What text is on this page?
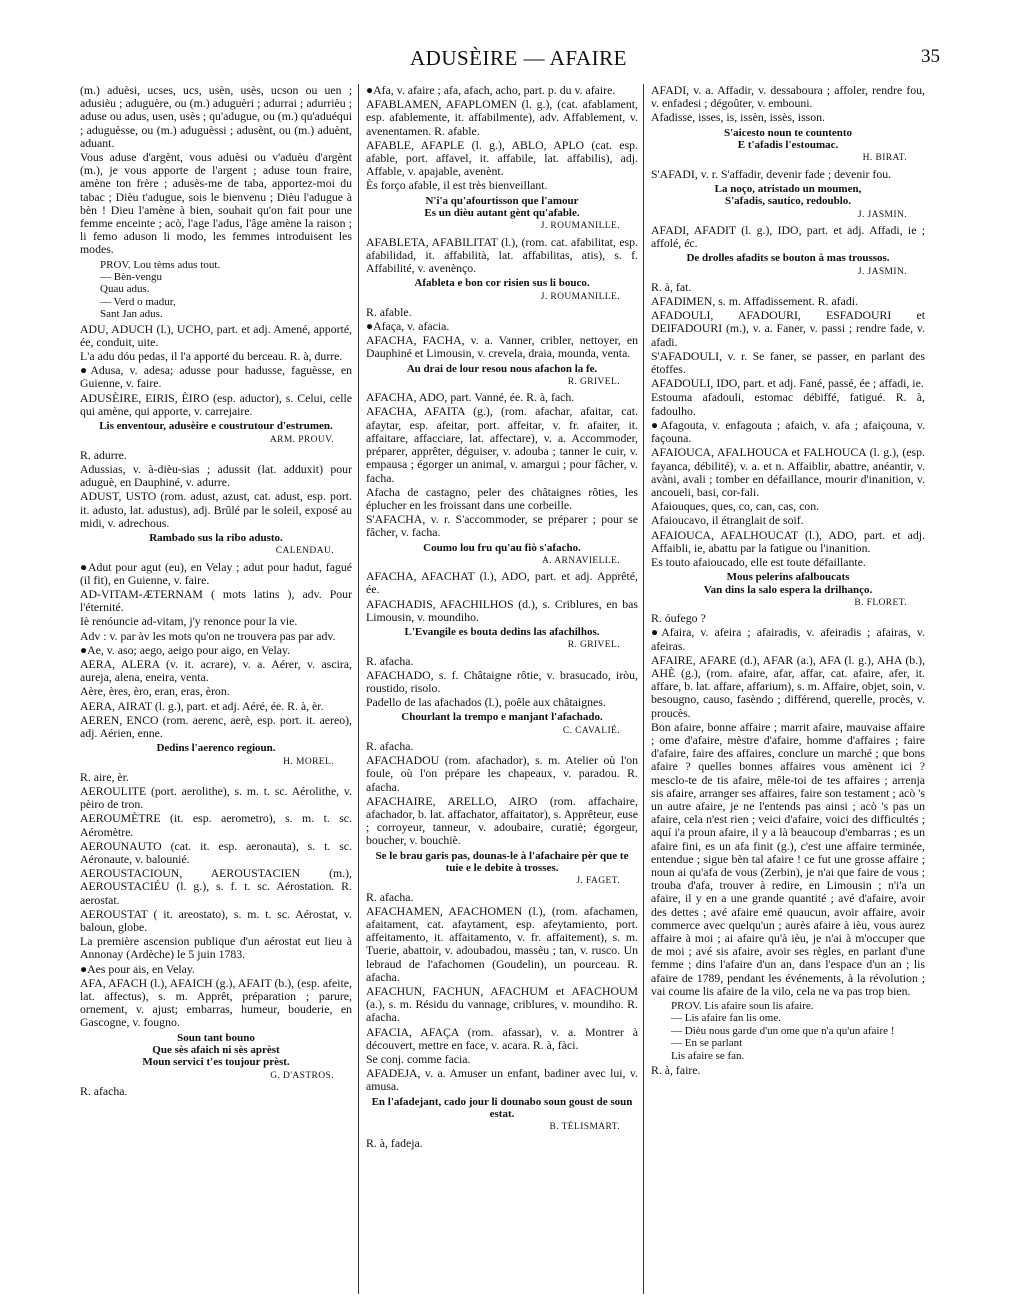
ADUSÈIRE — AFAIRE	35

(m.) aduèsi, ucses, ucs, usèn, usès, ucson ou uen ; adusièu ; aduguère, ou (m.) aduguèri ; adurrai ; adurrièu ; aduse ou adus, usen, usès ; qu'adugue, ou (m.) qu'aduéqui ; aduguèsse, ou (m.) aduguèssi ; adusènt, ou (m.) aduènt, aduant.

Vous aduse d'argènt, vous aduèsi ou v'aduèu d'argènt (m.), je vous apporte de l'argent ; aduse toun fraire, amène ton frère ; adusès-me de taba, apportez-moi du tabac ; Dièu t'adugue, sois le bienvenu ; Dièu l'adugue à bèn ! Dieu l'amène à bien, souhait qu'on fait pour une femme enceinte ; acò, l'age l'adus, l'âge amène la raison ; li femo aduson li modo, les femmes introduisent les modes.

PROV. Lou tèms adus tout.
— Bèn-vengu
Quau adus.
— Verd o madur,
Sant Jan adus.

ADU, ADUCH (l.), UCHO, part. et adj. Amené, apporté, ée, conduit, uite.

L'a adu dóu pedas, il l'a apporté du berceau. R. à, durre.

●Adusa, v. adesa; adusse pour hadusse, faguèsse, en Guienne, v. faire.

ADUSÈIRE, EIRIS, ÈIRO (esp. aductor), s. Celui, celle qui amène, qui apporte, v. carrejaire.

Lis enventour, adusèire e coustrutour d'estrumen.

ARM. PROUV.

R. adurre.

Adussias, v. à-dièu-sias ; adussit (lat. adduxit) pour aduguè, en Dauphiné, v. adurre.

ADUST, USTO (rom. adust, azust, cat. adust, esp. port. it. adusto, lat. adustus), adj. Brûlé par le soleil, exposé au midi, v. adrechous.

Rambado sus la ribo adusto.

CALENDAU.

●Adut pour agut (eu), en Velay ; adut pour hadut, fagué (il fit), en Guienne, v. faire.

AD-VITAM-ÆTERNAM ( mots latins ), adv. Pour l'éternité.

Iè renóuncie ad-vitam, j'y renonce pour la vie.

Adv : v. par àv les mots qu'on ne trouvera pas par adv.

●Ae, v. aso; aego, aeigo pour aigo, en Velay.

AERA, ALERA (v. it. acrare), v. a. Aérer, v. ascira, aureja, alena, eneira, venta.

Aère, ères, èro, eran, eras, èron.

AERA, AIRAT (l. g.), part. et adj. Aéré, ée. R. à, èr.

AEREN, ENCO (rom. aerenc, aerè, esp. port. it. aereo), adj. Aérien, enne.

Dedins l'aerenco regioun.

H. MOREL.

R. aire, èr.

AEROULITE (port. aerolithe), s. m. t. sc. Aérolithe, v. pèiro de tron.

AEROUMÈTRE (it. esp. aerometro), s. m. t. sc. Aéromètre.

AEROUNAUTO (cat. it. esp. aeronauta), s. t. sc. Aéronaute, v. balounié.

AEROUSTACIOUN, AEROUSTACIEN (m.), AEROUSTACIÉU (l. g.), s. f. t. sc. Aérostation. R. aerostat.

AEROUSTAT ( it. areostato), s. m. t. sc. Aérostat, v. baloun, globe.

La première ascension publique d'un aérostat eut lieu à Annonay (Ardèche) le 5 juin 1783.

●Aes pour ais, en Velay.

AFA, AFACH (l.), AFAICH (g.), AFAIT (b.), (esp. afeite, lat. affectus), s. m. Apprêt, préparation ; parure, ornement, v. ajust; embarras, humeur, bouderie, en Gascogne, v. fougno.

Soun tant bouno
Que sès afaich ni sès aprèst
Moun servici t'es toujour prèst.

G. D'ASTROS.

R. afacha.

●Afa, v. afaire ; afa, afach, acho, part. p. du v. afaire.

AFABLAMEN, AFAPLOMEN (l. g.), (cat. afablament, esp. afablemente, it. affabilmente), adv. Affablement, v. avenentamen. R. afable.

AFABLE, AFAPLE (l. g.), ABLO, APLO (cat. esp. afable, port. affavel, it. affabile, lat. affabilis), adj. Affable, v. apajable, avenènt.

Ès forço afable, il est très bienveillant.

N'i'a qu'afourtisson que l'amour
Es un dièu autant gènt qu'afable.

J. ROUMANILLE.

AFABLETA, AFABILITAT (l.), (rom. cat. afabilitat, esp. afabilidad, it. affabilità, lat. affabilitas, atis), s. f. Affabilité, v. avenènço.

Afableta e bon cor risien sus li bouco.

J. ROUMANILLE.

R. afable.

●Afaça, v. afacia.

AFACHA, FACHA, v. a. Vanner, cribler, nettoyer, en Dauphiné et Limousin, v. crevela, draia, mounda, venta.

Au drai de lour resou nous afachon la fe.

R. GRIVEL.

AFACHA, ADO, part. Vanné, ée. R. à, fach.

AFACHA, AFAITA (g.), (rom. afachar, afaitar, cat. afaytar, esp. afeitar, port. affeitar, v. fr. afaiter, it. affaitare, affacciare, lat. affectare), v. a. Accommoder, préparer, apprêter, déguiser, v. adouba ; tanner le cuir, v. empausa ; égorger un animal, v. amargui ; pour fâcher, v. facha.

Afacha de castagno, peler des châtaignes rôties, les éplucher en les froissant dans une corbeille.

S'AFACHA, v. r. S'accommoder, se préparer ; pour se fâcher, v. facha.

Coumo lou fru qu'au fiò s'afacho.

A. ARNAVIELLE.

AFACHA, AFACHAT (l.), ADO, part. et adj. Apprêté, ée.

AFACHADIS, AFACHILHOS (d.), s. Criblures, en bas Limousin, v. moundiho.

L'Evangile es bouta dedins las afachilhos.

R. GRIVEL.

R. afacha.

AFACHADO, s. f. Châtaigne rôtie, v. brasucado, iròu, roustido, risolo.

Padello de las afachados (l.), poêle aux châtaignes.

Chourlant la trempo e manjant l'afachado.

C. CAVALIÉ.

R. afacha.

AFACHADOU (rom. afachador), s. m. Atelier où l'on foule, où l'on prépare les chapeaux, v. paradou. R. afacha.

AFACHAIRE, ARELLO, AIRO (rom. affachaire, afachador, b. lat. affachator, affaitator), s. Apprêteur, euse ; corroyeur, tanneur, v. adoubaire, curatiè; égorgeur, boucher, v. bouchiè.

Se le brau garis pas, dounas-le à l'afachaire pèr que te tuie e le debite à trosses.

J. FAGET.

R. afacha.

AFACHAMEN, AFACHOMEN (l.), (rom. afachamen, afaitament, cat. afaytament, esp. afeytamiento, port. affeitamento, it. affaitamento, v. fr. affaitement), s. m. Tuerie, abattoir, v. adoubadou, massèu ; tan, v. rusco. Un lebraud de l'afachomen (Goudelin), un pourceau. R. afacha.

AFACHUN, FACHUN, AFACHUM et AFACHOUM (a.), s. m. Résidu du vannage, criblures, v. moundiho. R. afacha.

AFACIA, AFAÇA (rom. afassar), v. a. Montrer à découvert, mettre en face, v. acara. R. à, fàci.

Se conj. comme facia.

AFADEJA, v. a. Amuser un enfant, badiner avec lui, v. amusa.

En l'afadejant, cado jour li dounabo soun goust de soun estat.

B. TÉLISMART.

R. à, fadeja.

AFADI, v. a. Affadir, v. dessabourа ; affoler, rendre fou, v. enfadesi ; dégoûter, v. embouni.

Afadisse, isses, is, issèn, issès, isson.

S'aicesto noun te countento
E t'afadis l'estoumac.

H. BIRAT.

S'AFADI, v. r. S'affadir, devenir fade ; devenir fou.

La noço, atristado un moumen,
S'afadis, sautico, redoublo.

J. JASMIN.

AFADI, AFADIT (l. g.), IDO, part. et adj. Affadi, ie ; affolé, éc.

De drolles afadits se bouton à mas troussos.

J. JASMIN.

R. à, fat.

AFADIMEN, s. m. Affadissement. R. afadi.

AFADOULI, AFADOURI, ESFADOURI et DEIFADOURI (m.), v. a. Faner, v. passi ; rendre fade, v. afadi.

S'AFADOULI, v. r. Se faner, se passer, en parlant des étoffes.

AFADOULI, IDO, part. et adj. Fané, passé, ée ; affadi, ie.

Estouma afadouli, estomac débiffé, fatigué. R. à, fadoulho.

●Afagouta, v. enfagouta ; afaich, v. afa ; afaiçouna, v. façouna.

AFAIOUCA, AFALHOUCA et FALHOUCA (l. g.), (esp. fayanca, débilité), v. a. et n. Affaiblir, abattre, anéantir, v. avàni, avali ; tomber en défaillance, mourir d'inanition, v. ancoueli, basi, cor-fali.

Afaiouques, ques, co, can, cas, con.

Afaioucavo, il étranglait de soif.

AFAIOUCA, AFALHOUCAT (l.), ADO, part. et adj. Affaibli, ie, abattu par la fatigue ou l'inanition.

Es touto afaioucado, elle est toute défaillante.

Mous pelerins afalboucats
Van dins la salo espera la drilhanço.

B. FLORET.

R. óufego ?

●Afaira, v. afeira ; afairadis, v. afeiradis ; afairas, v. afeiras.

AFAIRE, AFARE (d.), AFAR (a.), AFA (l. g.), AHA (b.), AHÈ (g.), (rom. afaire, afar, affar, cat. afaire, afer, it. affare, b. lat. affare, affarium), s. m. Affaire, objet, soin, v. besougno, causo, fasèndo ; différend, querelle, procès, v. proucès.

Bon afaire, bonne affaire ; marrit afaire, mauvaise affaire ; ome d'afaire, mèstre d'afaire, homme d'affaires ; faire d'afaire, faire des affaires, conclure un marché ; que bons afaire ? quelles bonnes affaires vous amènent ici ? mesclo-te de tis afaire, mêle-toi de tes affaires ; arrenja sis afaire, arranger ses affaires, faire son testament ; acò 's un autre afaire, je ne l'entends pas ainsi ; acò 's pas un afaire, cela n'est rien ; veici d'afaire, voici des difficultés ; aquí i'a proun afaire, il y a là beaucoup d'embarras ; es un afaire fini, es un afa finit (g.), c'est une affaire terminée, entendue ; sigue bèn tal afaire ! ce fut une grosse affaire ; noun ai qu'afa de vous (Zerbin), je n'ai que faire de vous ; trouba d'afa, trouver à redire, en Limousin ; n'i'a un afaire, il y en a une grande quantité ; avé d'afaire, avoir des dettes ; avé afaire emé quaucun, avoir affaire, avoir commerce avec quelqu'un ; aurès afaire à ièu, vous aurez affaire à moi ; ai afaire qu'à ièu, je n'ai à m'occuper que de moi ; avé sis afaire, avoir ses règles, en parlant d'une femme ; dins l'afaire d'un an, dans l'espace d'un an ; lis afaire de 1789, pendant les événements, à la révolution ; vai coume lis afaire de la vilo, cela ne va pas trop bien.

PROV. Lis afaire soun lis afaire.
— Lis afaire fan lis ome.
— Dièu nous garde d'un ome que n'a qu'un afaire !
— En se parlant
Lis afaire se fan.

R. à, faire.
